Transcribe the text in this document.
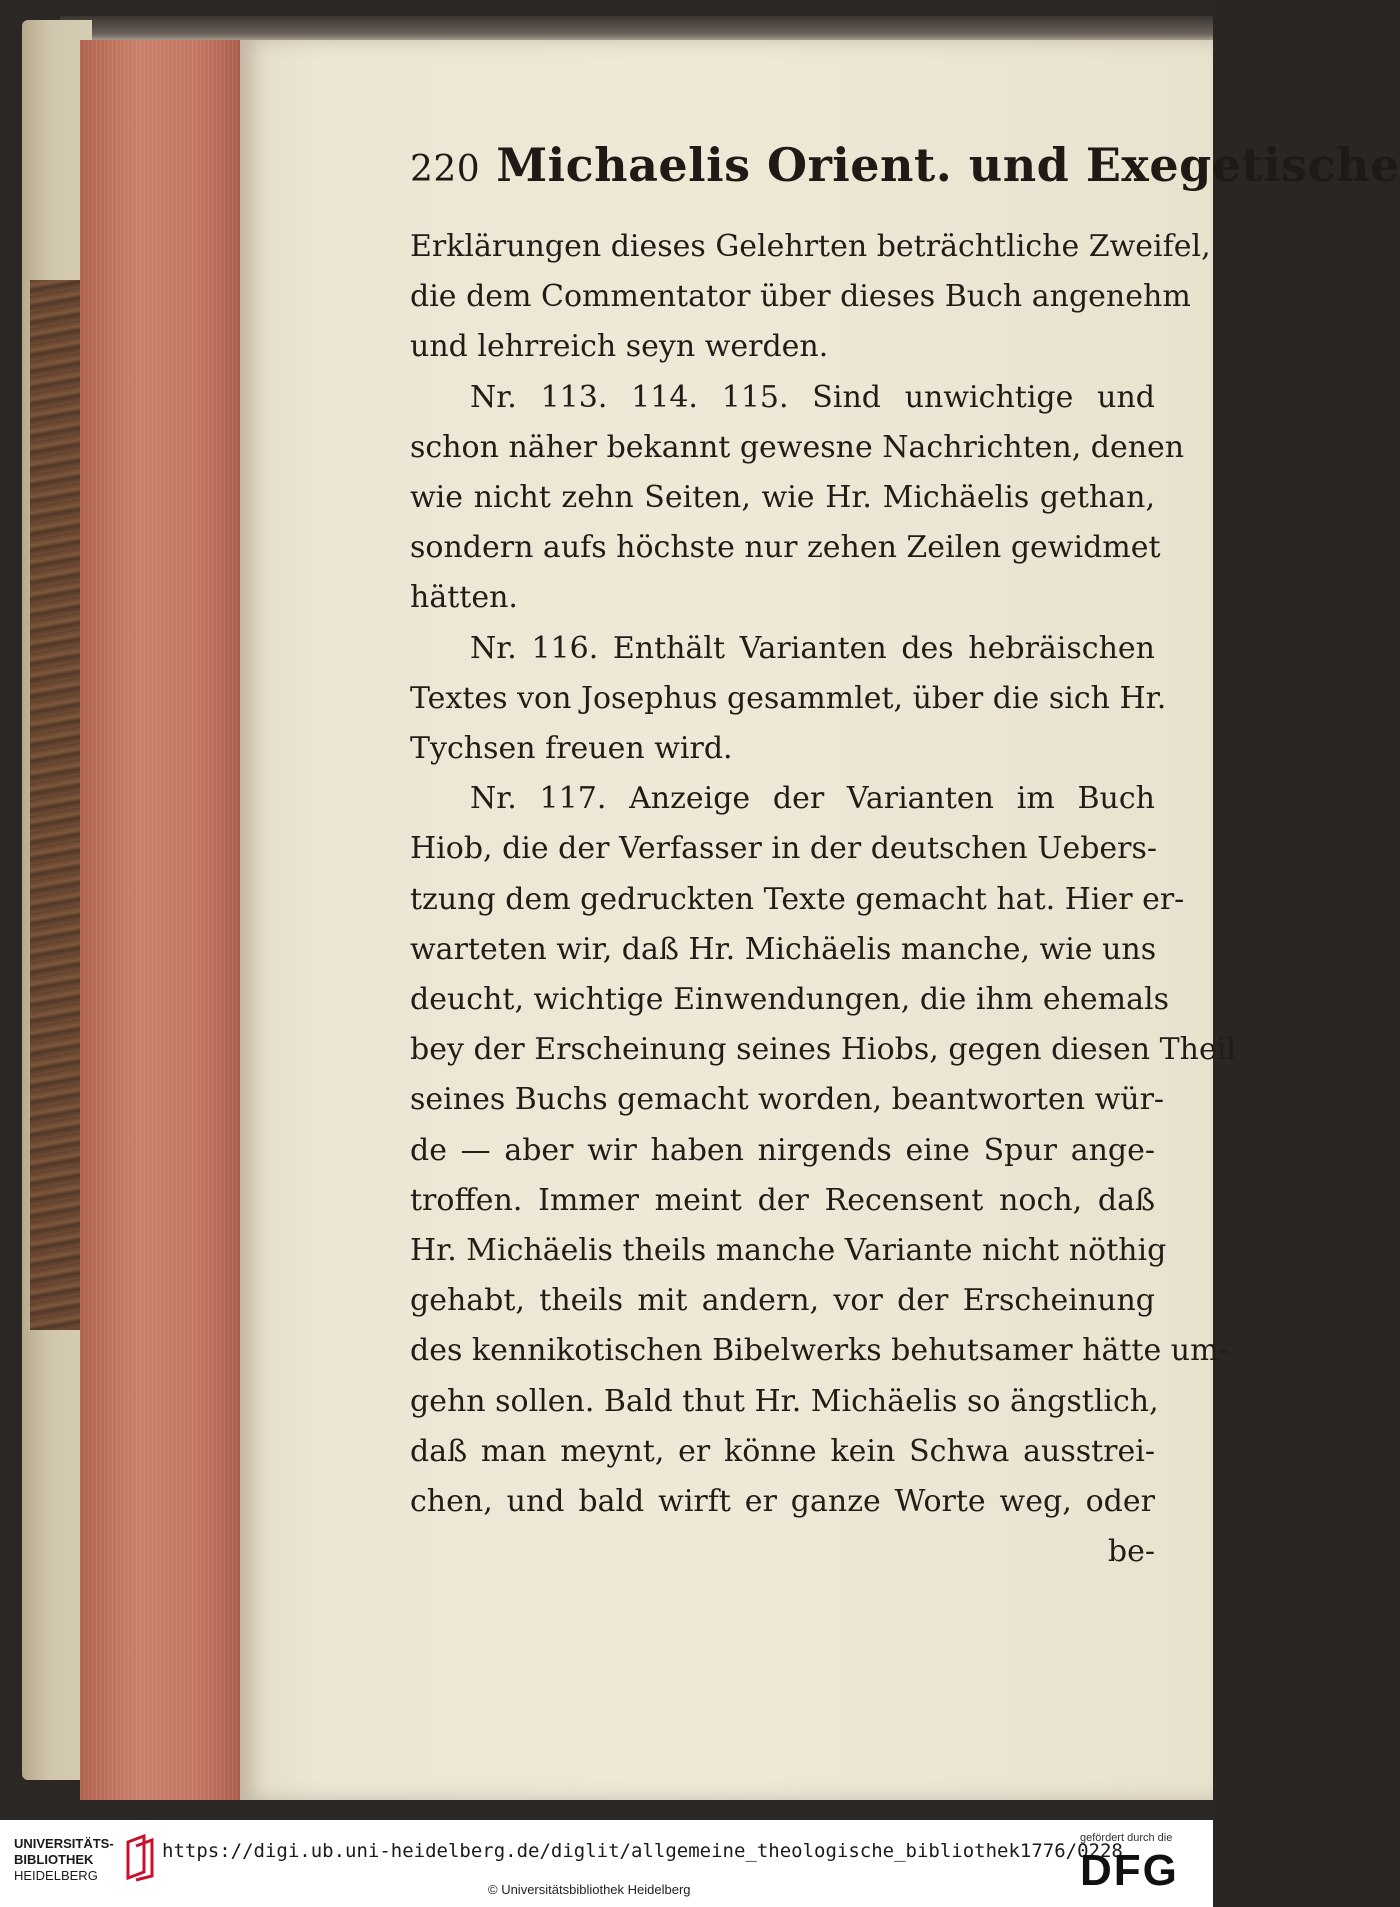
220 Michaelis Orient. und Exegetische
Erklärungen dieses Gelehrten beträchtliche Zweifel,
die dem Commentator über dieses Buch angenehm
und lehrreich seyn werden.
Nr. 113. 114. 115. Sind unwichtige und
schon näher bekannt gewesne Nachrichten, denen
wie nicht zehn Seiten, wie Hr. Michäelis gethan,
sondern aufs höchste nur zehen Zeilen gewidmet
hätten.
Nr. 116. Enthält Varianten des hebräischen
Textes von Josephus gesammlet, über die sich Hr.
Tychsen freuen wird.
Nr. 117. Anzeige der Varianten im Buch
Hiob, die der Verfasser in der deutschen Uebers-
tzung dem gedruckten Texte gemacht hat. Hier er-
warteten wir, daß Hr. Michäelis manche, wie uns
deucht, wichtige Einwendungen, die ihm ehemals
bey der Erscheinung seines Hiobs, gegen diesen Theil
seines Buchs gemacht worden, beantworten wür-
de — aber wir haben nirgends eine Spur ange-
troffen. Immer meint der Recensent noch, daß
Hr. Michäelis theils manche Variante nicht nöthig
gehabt, theils mit andern, vor der Erscheinung
des kennikotischen Bibelwerks behutsamer hätte um-
gehn sollen. Bald thut Hr. Michäelis so ängstlich,
daß man meynt, er könne kein Schwa ausstrei-
chen, und bald wirft er ganze Worte weg, oder
be-
UNIVERSITÄTS-
BIBLIOTHEK
HEIDELBERG
https://digi.ub.uni-heidelberg.de/diglit/allgemeine_theologische_bibliothek1776/0228
© Universitätsbibliothek Heidelberg
gefördert durch die
DFG
